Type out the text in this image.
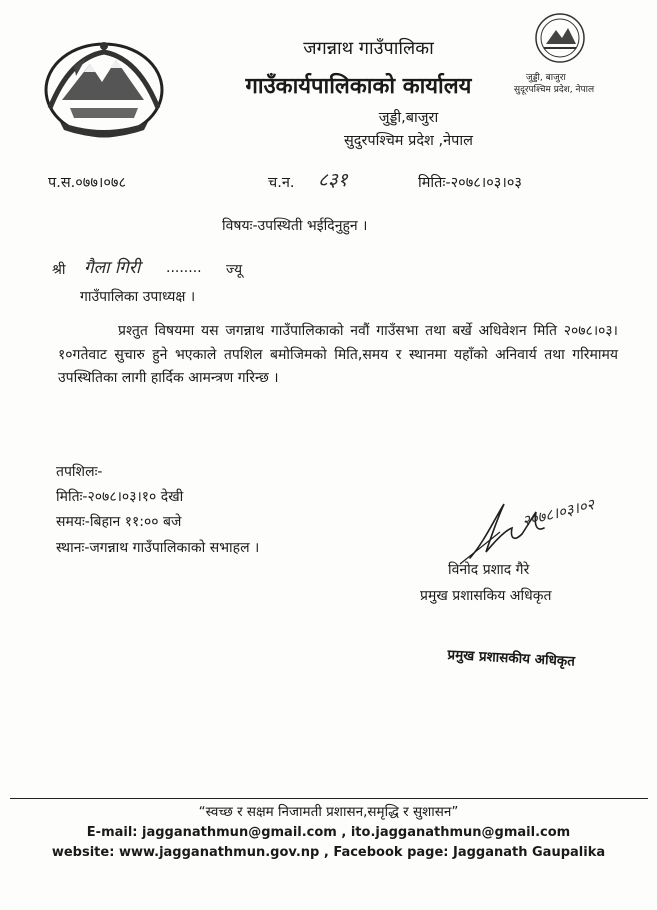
जुड्डी, बाजुरा
सुदूरपश्चिम प्रदेश, नेपाल
जगन्नाथ गाउँपालिका
गाउँकार्यपालिकाको कार्यालय
जुड्डी,बाजुरा
सुदुरपश्चिम प्रदेश ,नेपाल
प.स.०७७।०७८	च.न. ८३१	मितिः-२०७८।०३।०३
विषयः-उपस्थिती भईदिनुहुन ।
श्री गैला गिरी ........ ज्यू
गाउँपालिका उपाध्यक्ष ।
प्रश्तुत विषयमा यस जगन्नाथ गाउँपालिकाको नवौं गाउँसभा तथा बर्खे अधिवेशन मिति २०७८।०३।१०गतेवाट सुचारु हुने भएकाले तपशिल बमोजिमको मिति,समय र स्थानमा यहाँको अनिवार्य तथा गरिमामय उपस्थितिका लागी हार्दिक आमन्त्रण गरिन्छ ।
तपशिलः-
मितिः-२०७८।०३।१० देखी
समयः-बिहान ११:०० बजे
स्थानः-जगन्नाथ गाउँपालिकाको सभाहल ।
२०७८।०३।०२
विनोद प्रशाद गैरे
प्रमुख प्रशासकिय अधिकृत
प्रमुख प्रशासकीय अधिकृत
“स्वच्छ र सक्षम निजामती प्रशासन,समृद्धि र सुशासन”
E-mail: jagganathmun@gmail.com , ito.jagganathmun@gmail.com
website: www.jagganathmun.gov.np , Facebook page: Jagganath Gaupalika
